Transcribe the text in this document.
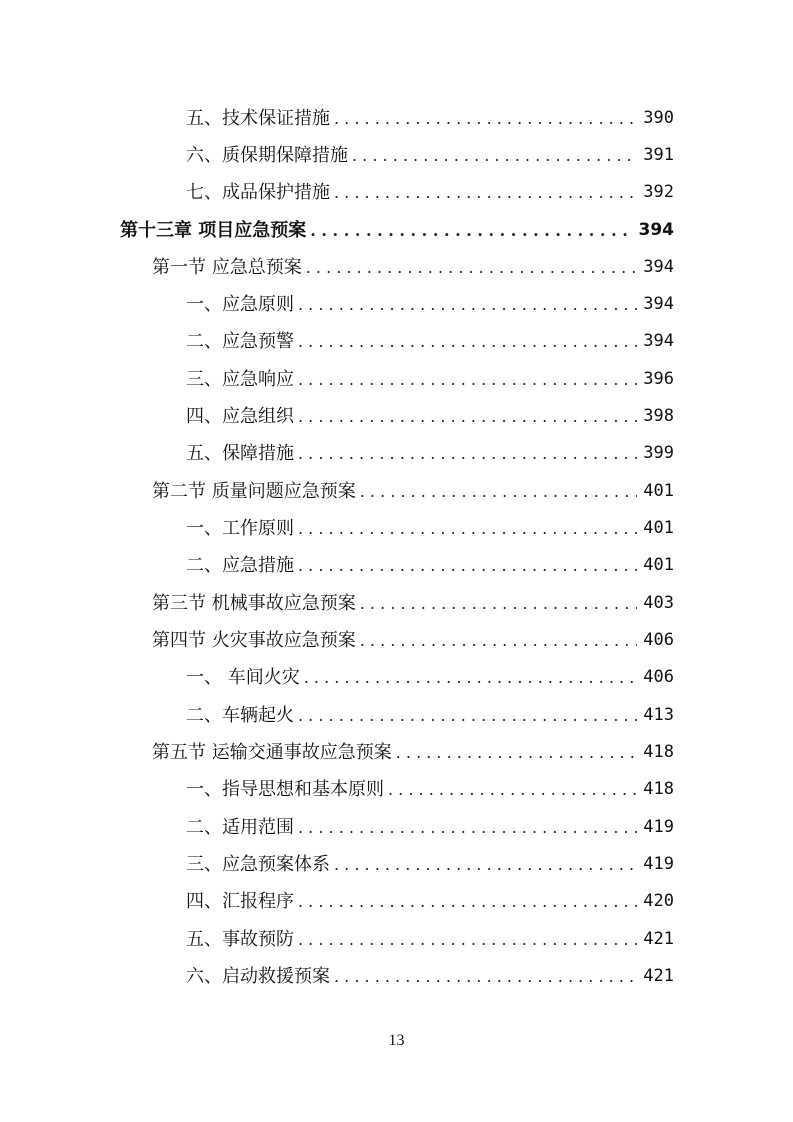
五、技术保证措施 . . .	390
六、质保期保障措施 . . .	391
七、成品保护措施 . . .	392
第十三章 项目应急预案 . . .	394
第一节 应急总预案 . . .	394
一、应急原则 . . .	394
二、应急预警 . . .	394
三、应急响应 . . .	396
四、应急组织 . . .	398
五、保障措施 . . .	399
第二节 质量问题应急预案 . . .	401
一、工作原则 . . .	401
二、应急措施 . . .	401
第三节 机械事故应急预案 . . .	403
第四节 火灾事故应急预案 . . .	406
一、 车间火灾 . . .	406
二、车辆起火 . . .	413
第五节 运输交通事故应急预案 . . .	418
一、指导思想和基本原则 . . .	418
二、适用范围 . . .	419
三、应急预案体系 . . .	419
四、汇报程序 . . .	420
五、事故预防 . . .	421
六、启动救援预案 . . .	421
13
